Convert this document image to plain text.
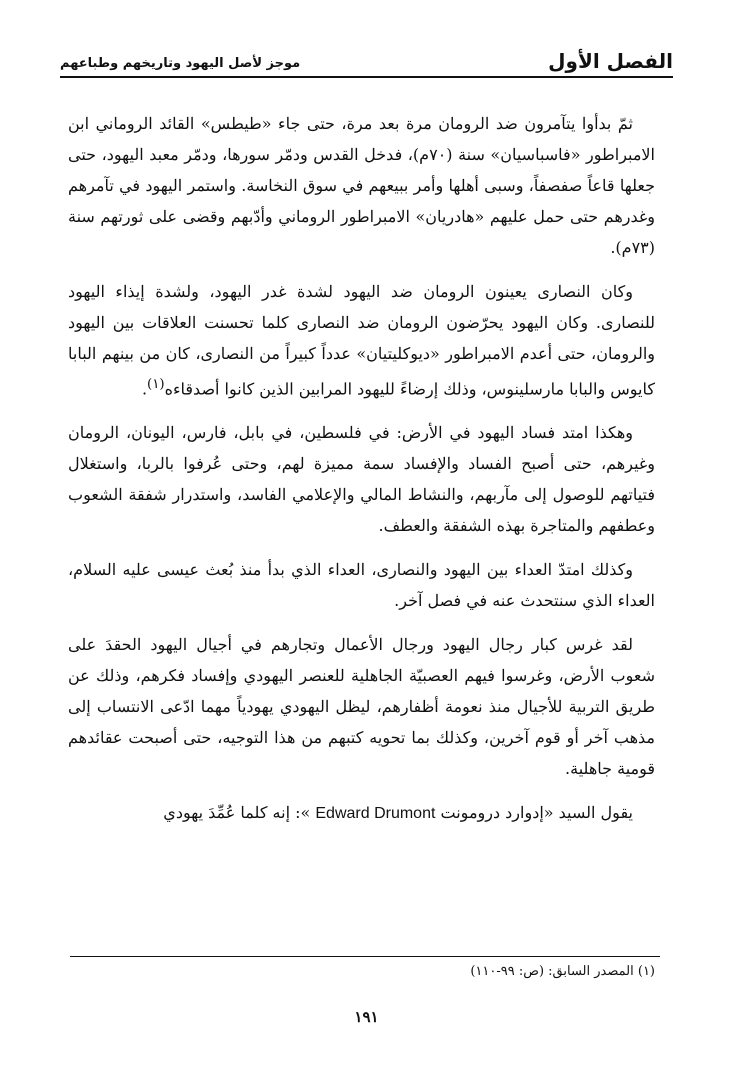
الفصل الأول
موجز لأصل اليهود وتاريخهم وطباعهم

ثمّ بدأوا يتآمرون ضد الرومان مرة بعد مرة، حتى جاء «طيطس» القائد الروماني ابن الامبراطور «فاسباسيان» سنة (٧٠م)، فدخل القدس ودمّر سورها، ودمّر معبد اليهود، حتى جعلها قاعاً صفصفاً، وسبى أهلها وأمر ببيعهم في سوق النخاسة. واستمر اليهود في تآمرهم وغدرهم حتى حمل عليهم «هادريان» الامبراطور الروماني وأدّبهم وقضى على ثورتهم سنة (٧٣م).

وكان النصارى يعينون الرومان ضد اليهود لشدة غدر اليهود، ولشدة إيذاء اليهود للنصارى. وكان اليهود يحرّضون الرومان ضد النصارى كلما تحسنت العلاقات بين اليهود والرومان، حتى أعدم الامبراطور «ديوكليتيان» عدداً كبيراً من النصارى، كان من بينهم البابا كايوس والبابا مارسلينوس، وذلك إرضاءً لليهود المرابين الذين كانوا أصدقاءه$^{(١)}$.

وهكذا امتد فساد اليهود في الأرض: في فلسطين، في بابل، فارس، اليونان، الرومان وغيرهم، حتى أصبح الفساد والإفساد سمة مميزة لهم، وحتى عُرفوا بالربا، واستغلال فتياتهم للوصول إلى مآربهم، والنشاط المالي والإعلامي الفاسد، واستدرار شفقة الشعوب وعطفهم والمتاجرة بهذه الشفقة والعطف.

وكذلك امتدّ العداء بين اليهود والنصارى، العداء الذي بدأ منذ بُعث عيسى عليه السلام، العداء الذي سنتحدث عنه في فصل آخر.

لقد غرس كبار رجال اليهود ورجال الأعمال وتجارهم في أجيال اليهود الحقدَ على شعوب الأرض، وغرسوا فيهم العصبيّة الجاهلية للعنصر اليهودي وإفساد فكرهم، وذلك عن طريق التربية للأجيال منذ نعومة أظفارهم، ليظل اليهودي يهودياً مهما ادّعى الانتساب إلى مذهب آخر أو قوم آخرين، وكذلك بما تحويه كتبهم من هذا التوجيه، حتى أصبحت عقائدهم قومية جاهلية.

يقول السيد «إدوارد درومونت Edward Drumont »: إنه كلما عُمِّدَ يهودي

(١) المصدر السابق: (ص: ٩٩-١١٠)
١٩١
